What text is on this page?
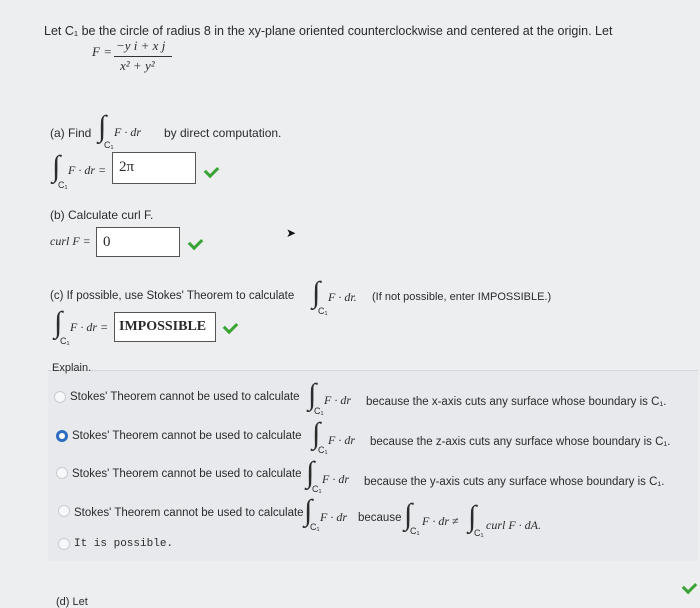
Let C₁ be the circle of radius 8 in the xy-plane oriented counterclockwise and centered at the origin. Let
F = −y i + x j
x² + y²
(a) Find ∫
C₁
F · dr by direct computation.
∫
C₁
F · dr = 2π
(b) Calculate curl F.
curl F = 0
➤
(c) If possible, use Stokes' Theorem to calculate ∫
C₁
F · dr. (If not possible, enter IMPOSSIBLE.)
∫
C₁
F · dr = IMPOSSIBLE
Explain.
Stokes' Theorem cannot be used to calculate ∫
C₁
F · dr because the x-axis cuts any surface whose boundary is C₁.
Stokes' Theorem cannot be used to calculate ∫
C₁
F · dr because the z-axis cuts any surface whose boundary is C₁.
Stokes' Theorem cannot be used to calculate ∫
C₁
F · dr because the y-axis cuts any surface whose boundary is C₁.
Stokes' Theorem cannot be used to calculate ∫
C₁
F · dr because ∫
C₁
F · dr ≠ ∫
C₁
curl F · dA.
It is possible.
(d) Let
